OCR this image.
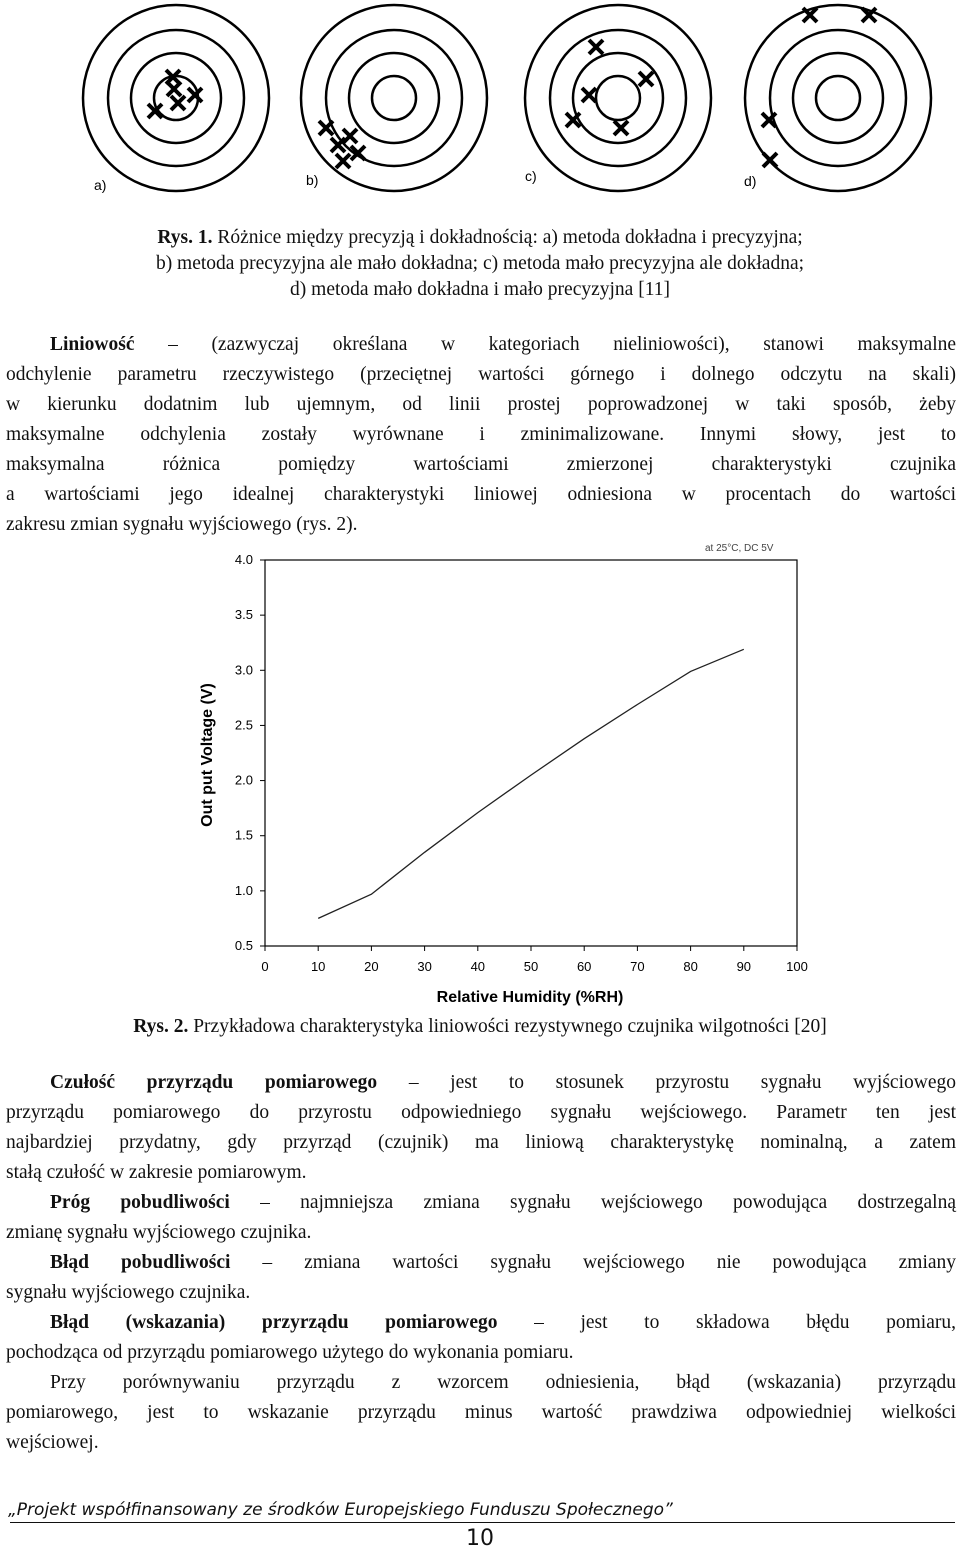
a)	b)	c)	d)
Rys. 1. Różnice między precyzją i dokładnością: a) metoda dokładna i precyzyjna;
b) metoda precyzyjna ale mało dokładna; c) metoda mało precyzyjna ale dokładna;
d) metoda mało dokładna i mało precyzyjna [11]
Liniowość – (zazwyczaj określana w kategoriach nieliniowości), stanowi maksymalne
odchylenie parametru rzeczywistego (przeciętnej wartości górnego i dolnego odczytu na skali)
w kierunku dodatnim lub ujemnym, od linii prostej poprowadzonej w taki sposób, żeby
maksymalne odchylenia zostały wyrównane i zminimalizowane. Innymi słowy, jest to
maksymalna różnica pomiędzy wartościami zmierzonej charakterystyki czujnika
a wartościami jego idealnej charakterystyki liniowej odniesiona w procentach do wartości
zakresu zmian sygnału wyjściowego (rys. 2).
at 25°C, DC 5V
0.5
1.0
1.5
2.0
2.5
3.0
3.5
4.0
0	10	20	30	40	50	60	70	80	90	100
Out put Voltage (V)
Relative Humidity (%RH)
Rys. 2. Przykładowa charakterystyka liniowości rezystywnego czujnika wilgotności [20]
Czułość przyrządu pomiarowego – jest to stosunek przyrostu sygnału wyjściowego
przyrządu pomiarowego do przyrostu odpowiedniego sygnału wejściowego. Parametr ten jest
najbardziej przydatny, gdy przyrząd (czujnik) ma liniową charakterystykę nominalną, a zatem
stałą czułość w zakresie pomiarowym.
Próg pobudliwości – najmniejsza zmiana sygnału wejściowego powodująca dostrzegalną
zmianę sygnału wyjściowego czujnika.
Błąd pobudliwości – zmiana wartości sygnału wejściowego nie powodująca zmiany
sygnału wyjściowego czujnika.
Błąd (wskazania) przyrządu pomiarowego – jest to składowa błędu pomiaru,
pochodząca od przyrządu pomiarowego użytego do wykonania pomiaru.
Przy porównywaniu przyrządu z wzorcem odniesienia, błąd (wskazania) przyrządu
pomiarowego, jest to wskazanie przyrządu minus wartość prawdziwa odpowiedniej wielkości
wejściowej.
„Projekt współfinansowany ze środków Europejskiego Funduszu Społecznego”
10
